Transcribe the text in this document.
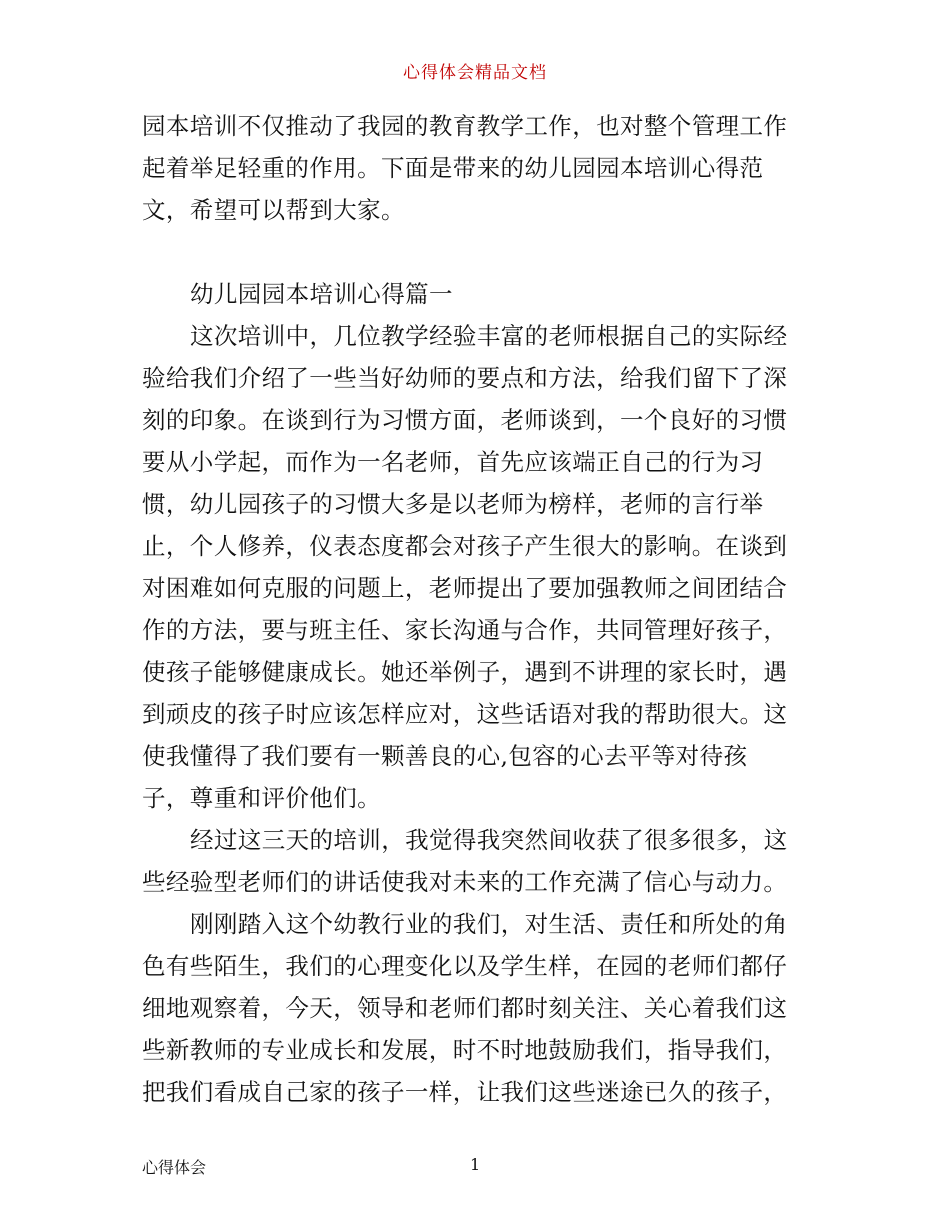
心得体会精品文档
园本培训不仅推动了我园的教育教学工作，也对整个管理工作
起着举足轻重的作用。下面是带来的幼儿园园本培训心得范
文，希望可以帮到大家。
幼儿园园本培训心得篇一
这次培训中，几位教学经验丰富的老师根据自己的实际经
验给我们介绍了一些当好幼师的要点和方法，给我们留下了深
刻的印象。在谈到行为习惯方面，老师谈到，一个良好的习惯
要从小学起，而作为一名老师，首先应该端正自己的行为习
惯，幼儿园孩子的习惯大多是以老师为榜样，老师的言行举
止，个人修养，仪表态度都会对孩子产生很大的影响。在谈到
对困难如何克服的问题上，老师提出了要加强教师之间团结合
作的方法，要与班主任、家长沟通与合作，共同管理好孩子，
使孩子能够健康成长。她还举例子，遇到不讲理的家长时，遇
到顽皮的孩子时应该怎样应对，这些话语对我的帮助很大。这
使我懂得了我们要有一颗善良的心,包容的心去平等对待孩
子，尊重和评价他们。
经过这三天的培训，我觉得我突然间收获了很多很多，这
些经验型老师们的讲话使我对未来的工作充满了信心与动力。
刚刚踏入这个幼教行业的我们，对生活、责任和所处的角
色有些陌生，我们的心理变化以及学生样，在园的老师们都仔
细地观察着，今天，领导和老师们都时刻关注、关心着我们这
些新教师的专业成长和发展，时不时地鼓励我们，指导我们，
把我们看成自己家的孩子一样，让我们这些迷途已久的孩子，
心得体会	1
